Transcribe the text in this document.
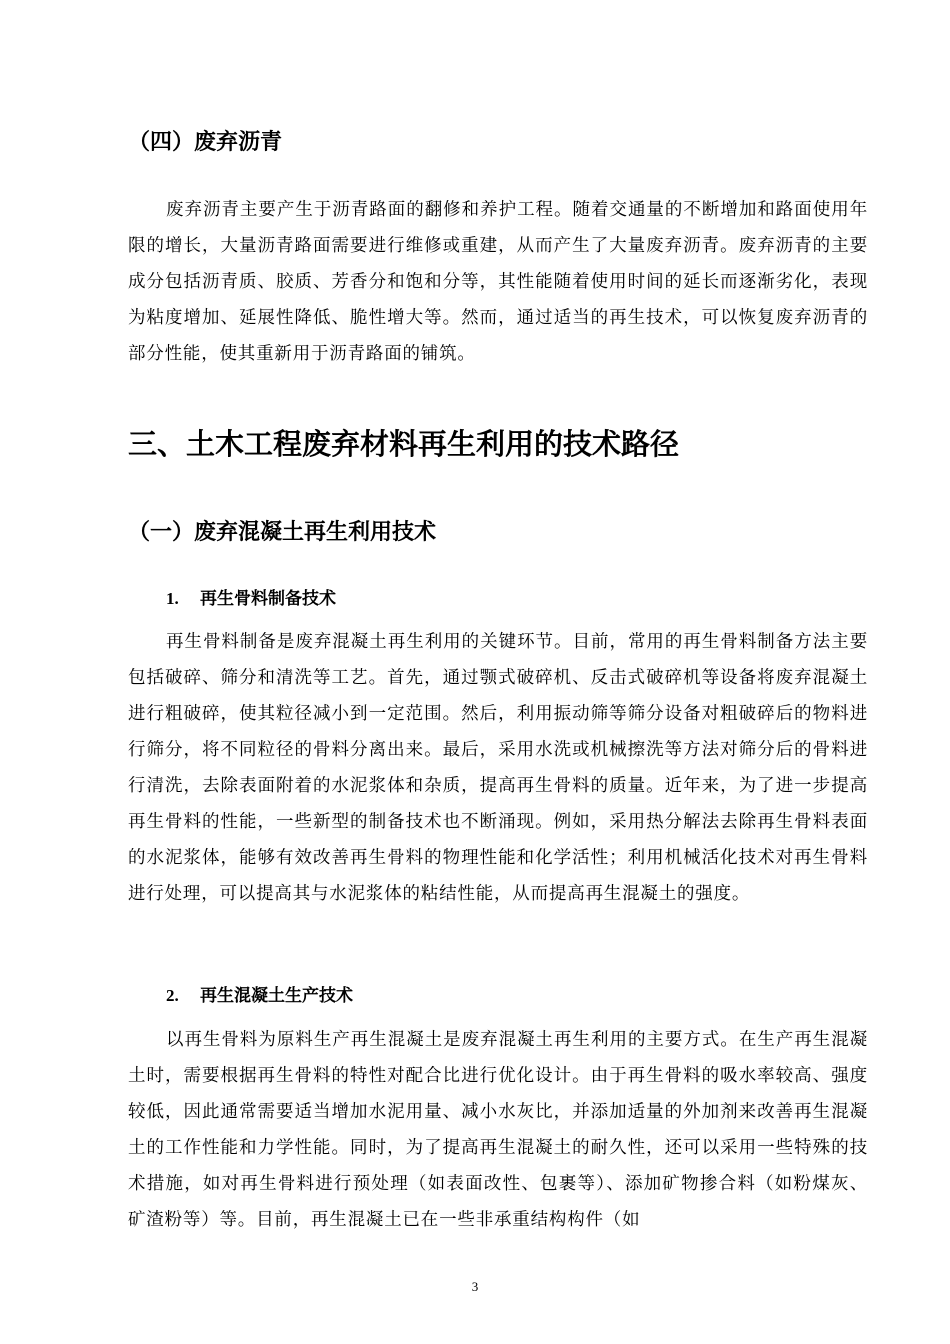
（四）废弃沥青

废弃沥青主要产生于沥青路面的翻修和养护工程。随着交通量的不断增加和路面使用年限的增长，大量沥青路面需要进行维修或重建，从而产生了大量废弃沥青。废弃沥青的主要成分包括沥青质、胶质、芳香分和饱和分等，其性能随着使用时间的延长而逐渐劣化，表现为粘度增加、延展性降低、脆性增大等。然而，通过适当的再生技术，可以恢复废弃沥青的部分性能，使其重新用于沥青路面的铺筑。

三、土木工程废弃材料再生利用的技术路径
（一）废弃混凝土再生利用技术
1. 再生骨料制备技术

再生骨料制备是废弃混凝土再生利用的关键环节。目前，常用的再生骨料制备方法主要包括破碎、筛分和清洗等工艺。首先，通过颚式破碎机、反击式破碎机等设备将废弃混凝土进行粗破碎，使其粒径减小到一定范围。然后，利用振动筛等筛分设备对粗破碎后的物料进行筛分，将不同粒径的骨料分离出来。最后，采用水洗或机械擦洗等方法对筛分后的骨料进行清洗，去除表面附着的水泥浆体和杂质，提高再生骨料的质量。近年来，为了进一步提高再生骨料的性能，一些新型的制备技术也不断涌现。例如，采用热分解法去除再生骨料表面的水泥浆体，能够有效改善再生骨料的物理性能和化学活性；利用机械活化技术对再生骨料进行处理，可以提高其与水泥浆体的粘结性能，从而提高再生混凝土的强度。

2. 再生混凝土生产技术

以再生骨料为原料生产再生混凝土是废弃混凝土再生利用的主要方式。在生产再生混凝土时，需要根据再生骨料的特性对配合比进行优化设计。由于再生骨料的吸水率较高、强度较低，因此通常需要适当增加水泥用量、减小水灰比，并添加适量的外加剂来改善再生混凝土的工作性能和力学性能。同时，为了提高再生混凝土的耐久性，还可以采用一些特殊的技术措施，如对再生骨料进行预处理（如表面改性、包裹等）、添加矿物掺合料（如粉煤灰、矿渣粉等）等。目前，再生混凝土已在一些非承重结构构件（如

3
